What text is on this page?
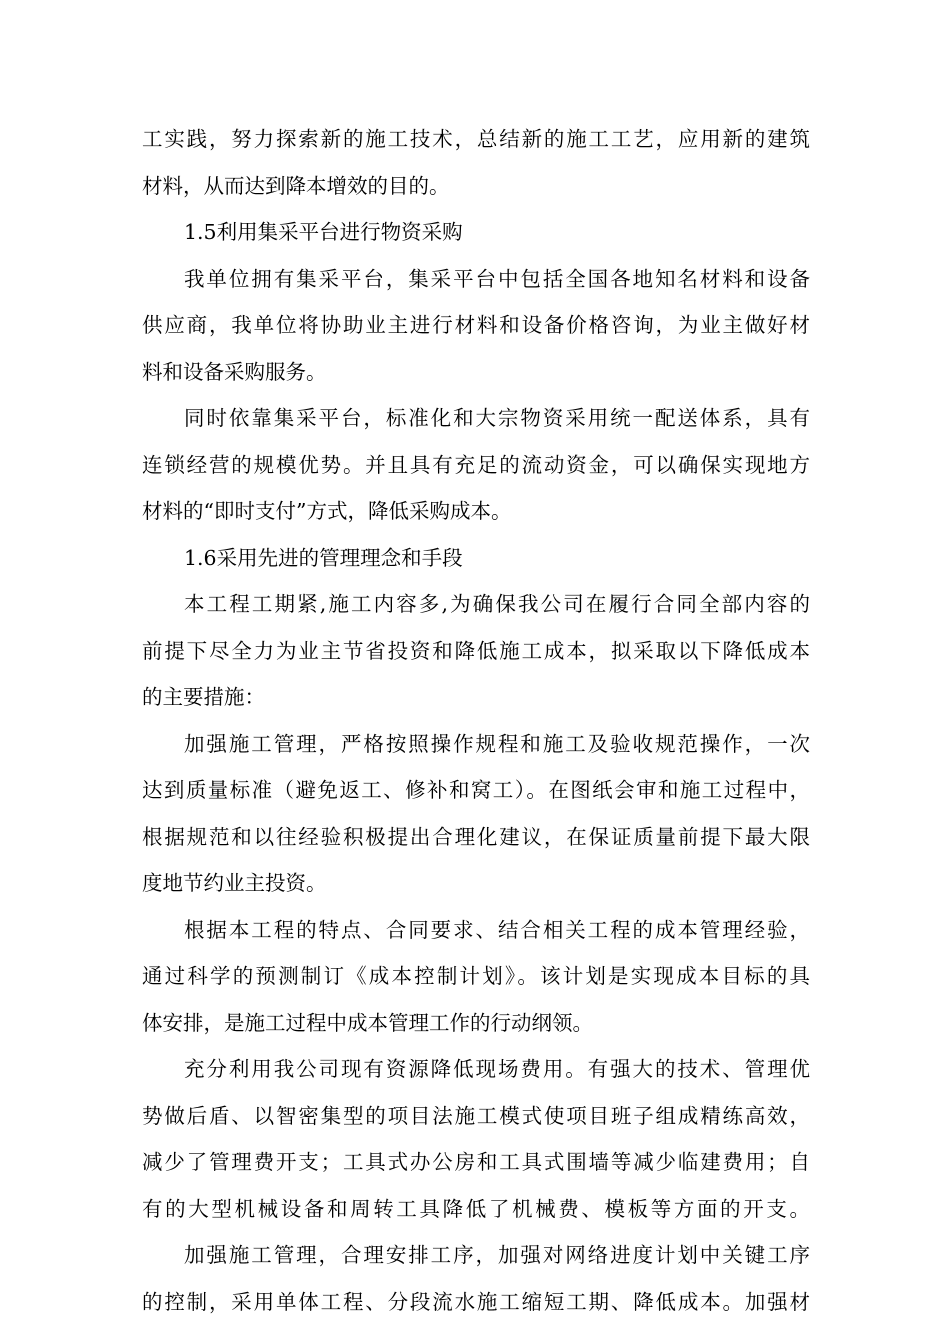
工实践，努力探索新的施工技术，总结新的施工工艺，应用新的建筑
材料，从而达到降本增效的目的。
1.5利用集采平台进行物资采购
我单位拥有集采平台，集采平台中包括全国各地知名材料和设备
供应商，我单位将协助业主进行材料和设备价格咨询，为业主做好材
料和设备采购服务。
同时依靠集采平台，标准化和大宗物资采用统一配送体系，具有
连锁经营的规模优势。并且具有充足的流动资金，可以确保实现地方
材料的“即时支付”方式，降低采购成本。
1.6采用先进的管理理念和手段
本工程工期紧,施工内容多,为确保我公司在履行合同全部内容的
前提下尽全力为业主节省投资和降低施工成本，拟采取以下降低成本
的主要措施：
加强施工管理，严格按照操作规程和施工及验收规范操作，一次
达到质量标准（避免返工、修补和窝工）。在图纸会审和施工过程中，
根据规范和以往经验积极提出合理化建议，在保证质量前提下最大限
度地节约业主投资。
根据本工程的特点、合同要求、结合相关工程的成本管理经验，
通过科学的预测制订《成本控制计划》。该计划是实现成本目标的具
体安排，是施工过程中成本管理工作的行动纲领。
充分利用我公司现有资源降低现场费用。有强大的技术、管理优
势做后盾、以智密集型的项目法施工模式使项目班子组成精练高效，
减少了管理费开支；工具式办公房和工具式围墙等减少临建费用；自
有的大型机械设备和周转工具降低了机械费、模板等方面的开支。
加强施工管理，合理安排工序，加强对网络进度计划中关键工序
的控制，采用单体工程、分段流水施工缩短工期、降低成本。加强材
